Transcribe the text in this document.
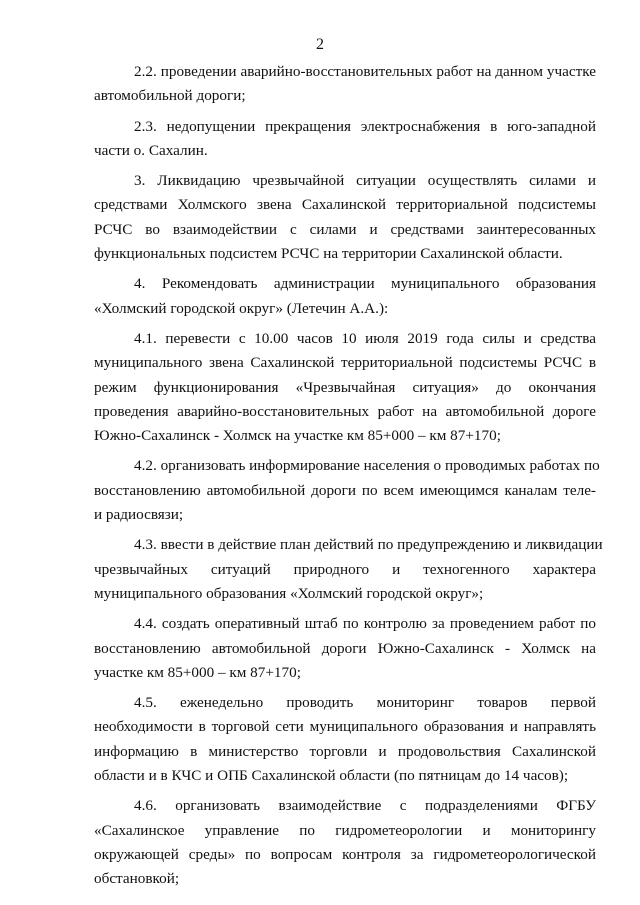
2

2.2. проведении аварийно-восстановительных работ на данном участке
автомобильной дороги;

2.3. недопущении прекращения электроснабжения в юго-западной
части о. Сахалин.

3. Ликвидацию чрезвычайной ситуации осуществлять силами и
средствами Холмского звена Сахалинской территориальной подсистемы
РСЧС во взаимодействии с силами и средствами заинтересованных
функциональных подсистем РСЧС на территории Сахалинской области.

4. Рекомендовать администрации муниципального образования
«Холмский городской округ» (Летечин А.А.):

4.1. перевести с 10.00 часов 10 июля 2019 года силы и средства
муниципального звена Сахалинской территориальной подсистемы РСЧС в
режим функционирования «Чрезвычайная ситуация» до окончания
проведения аварийно-восстановительных работ на автомобильной дороге
Южно-Сахалинск - Холмск на участке км 85+000 – км 87+170;

4.2. организовать информирование населения о проводимых работах по
восстановлению автомобильной дороги по всем имеющимся каналам теле-
и радиосвязи;

4.3. ввести в действие план действий по предупреждению и ликвидации
чрезвычайных ситуаций природного и техногенного характера
муниципального образования «Холмский городской округ»;

4.4. создать оперативный штаб по контролю за проведением работ по
восстановлению автомобильной дороги Южно-Сахалинск - Холмск на
участке км 85+000 – км 87+170;

4.5. еженедельно проводить мониторинг товаров первой
необходимости в торговой сети муниципального образования и направлять
информацию в министерство торговли и продовольствия Сахалинской
области и в КЧС и ОПБ Сахалинской области (по пятницам до 14 часов);

4.6. организовать взаимодействие с подразделениями ФГБУ
«Сахалинское управление по гидрометеорологии и мониторингу
окружающей среды» по вопросам контроля за гидрометеорологической
обстановкой;
